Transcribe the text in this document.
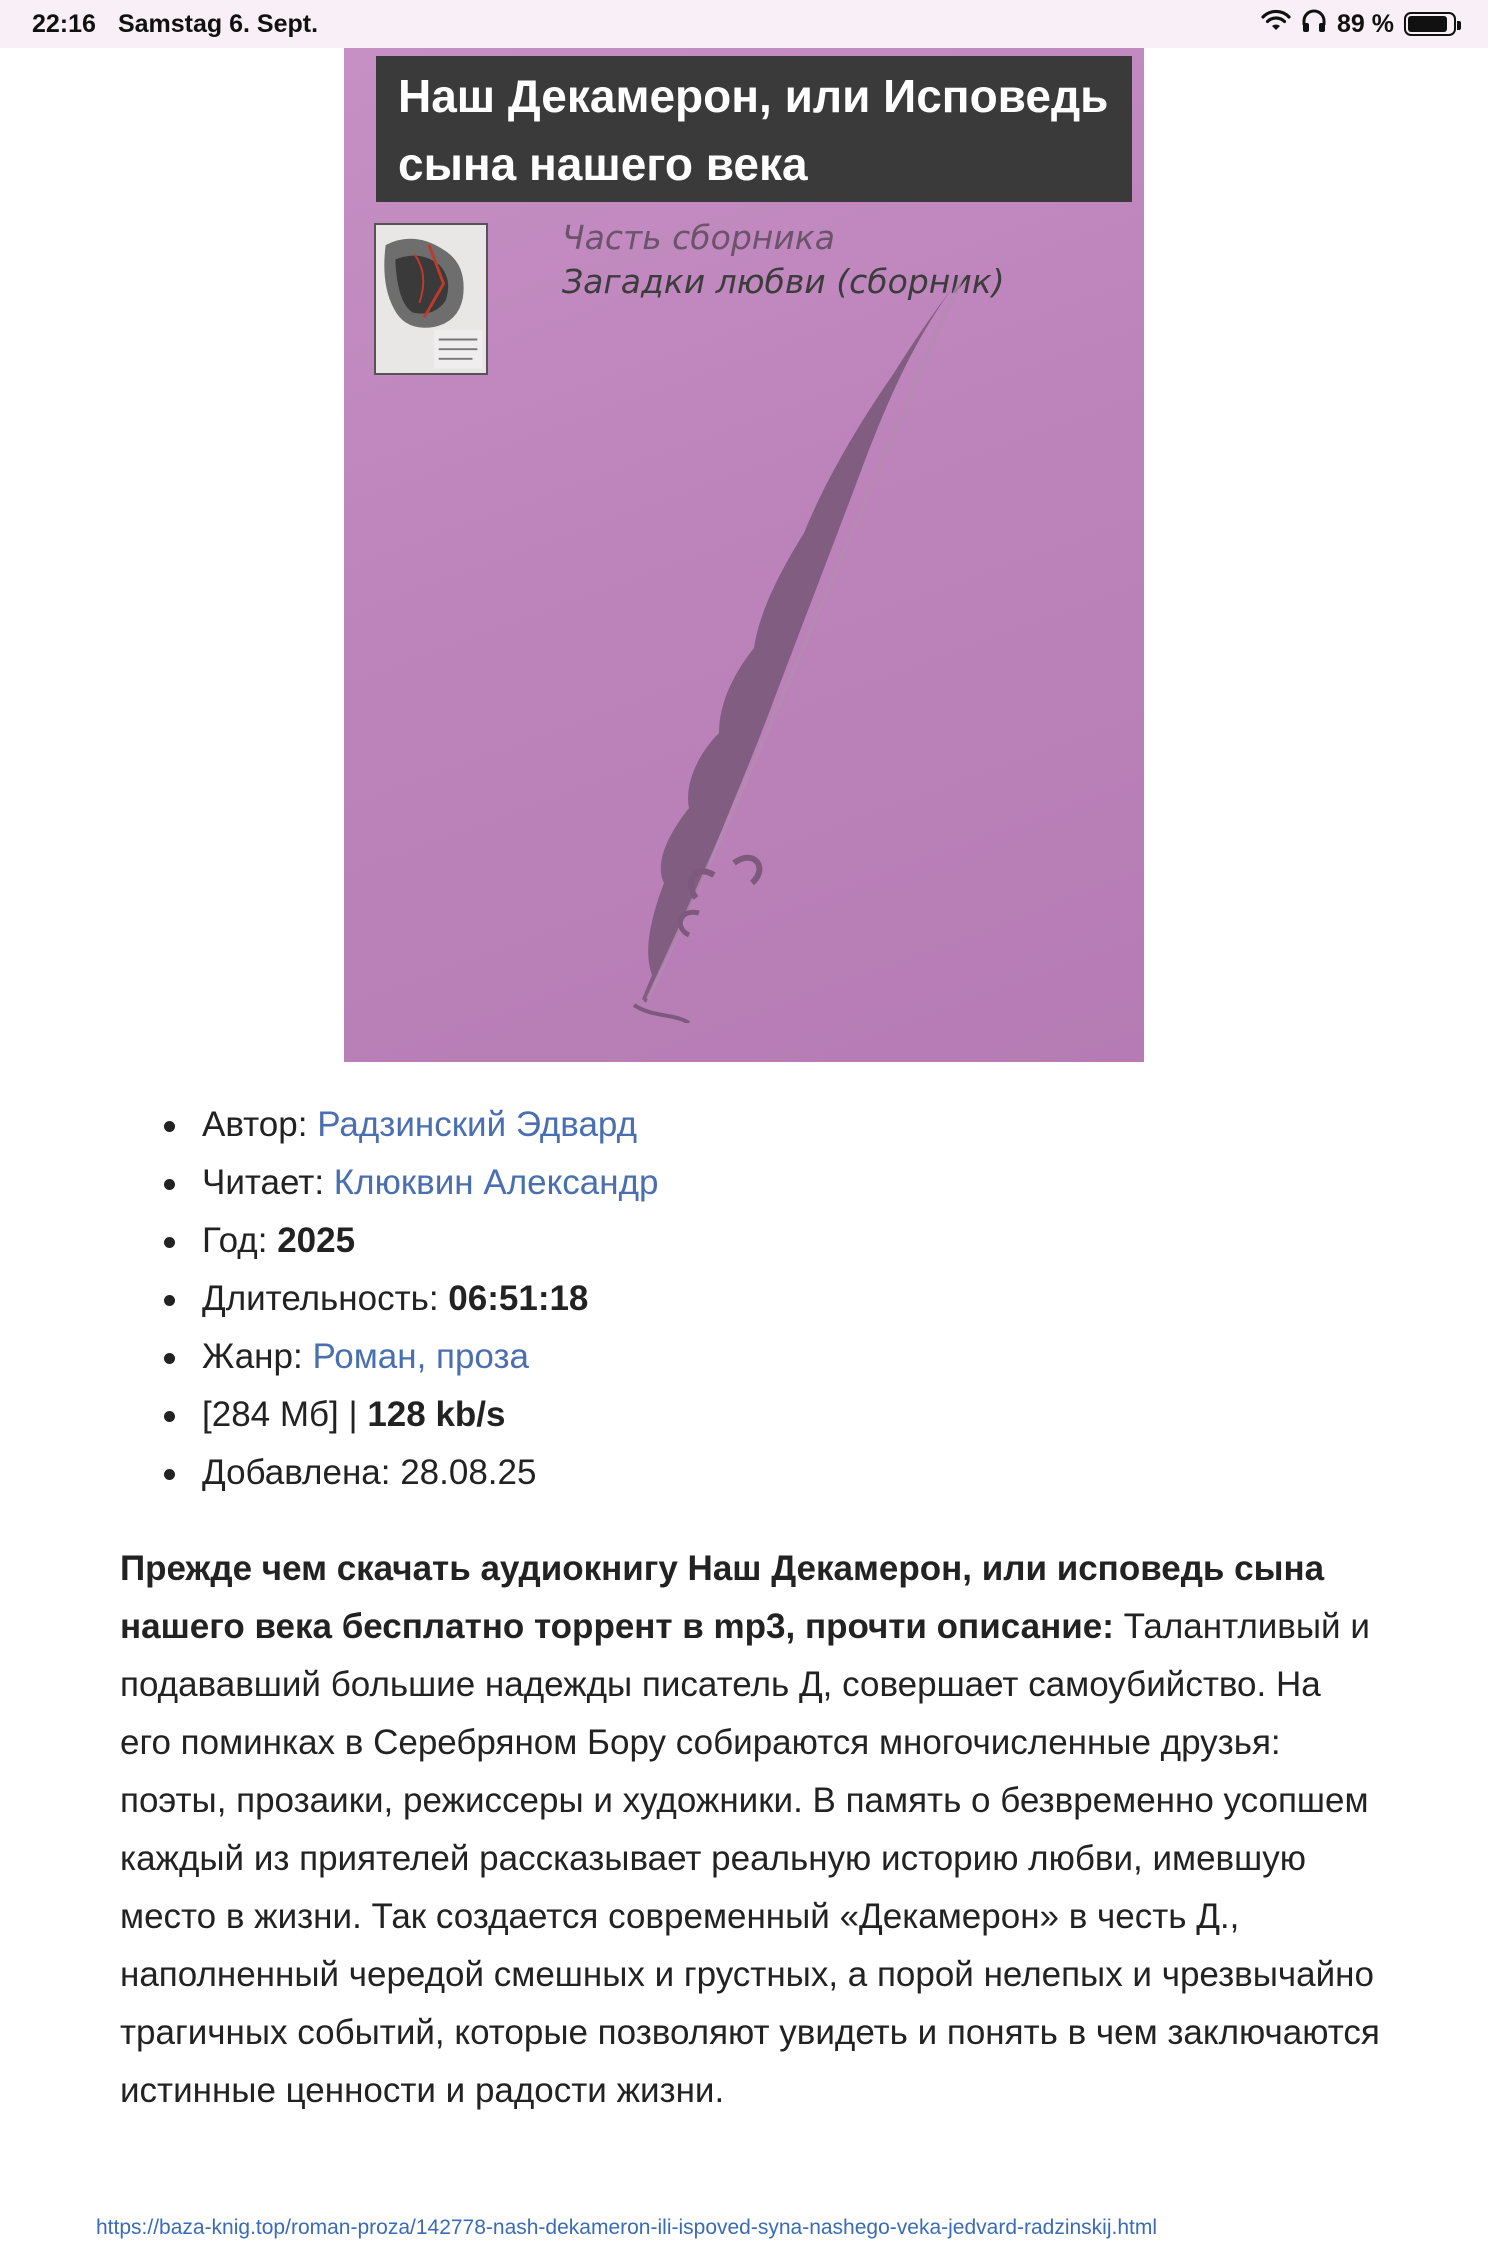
22:16 Samstag 6. Sept.	89 %
Наш Декамерон, или Исповедь
сына нашего века
Часть сборника
Загадки любви (сборник)
Автор: Радзинский Эдвард
Читает: Клюквин Александр
Год: 2025
Длительность: 06:51:18
Жанр: Роман, проза
[284 Мб] | 128 kb/s
Добавлена: 28.08.25
Прежде чем скачать аудиокнигу Наш Декамерон, или исповедь сына нашего века бесплатно торрент в mp3, прочти описание: Талантливый и подававший большие надежды писатель Д, совершает самоубийство. На его поминках в Серебряном Бору собираются многочисленные друзья: поэты, прозаики, режиссеры и художники. В память о безвременно усопшем каждый из приятелей рассказывает реальную историю любви, имевшую место в жизни. Так создается современный «Декамерон» в честь Д., наполненный чередой смешных и грустных, а порой нелепых и чрезвычайно трагичных событий, которые позволяют увидеть и понять в чем заключаются истинные ценности и радости жизни.
https://baza-knig.top/roman-proza/142778-nash-dekameron-ili-ispoved-syna-nashego-veka-jedvard-radzinskij.html
